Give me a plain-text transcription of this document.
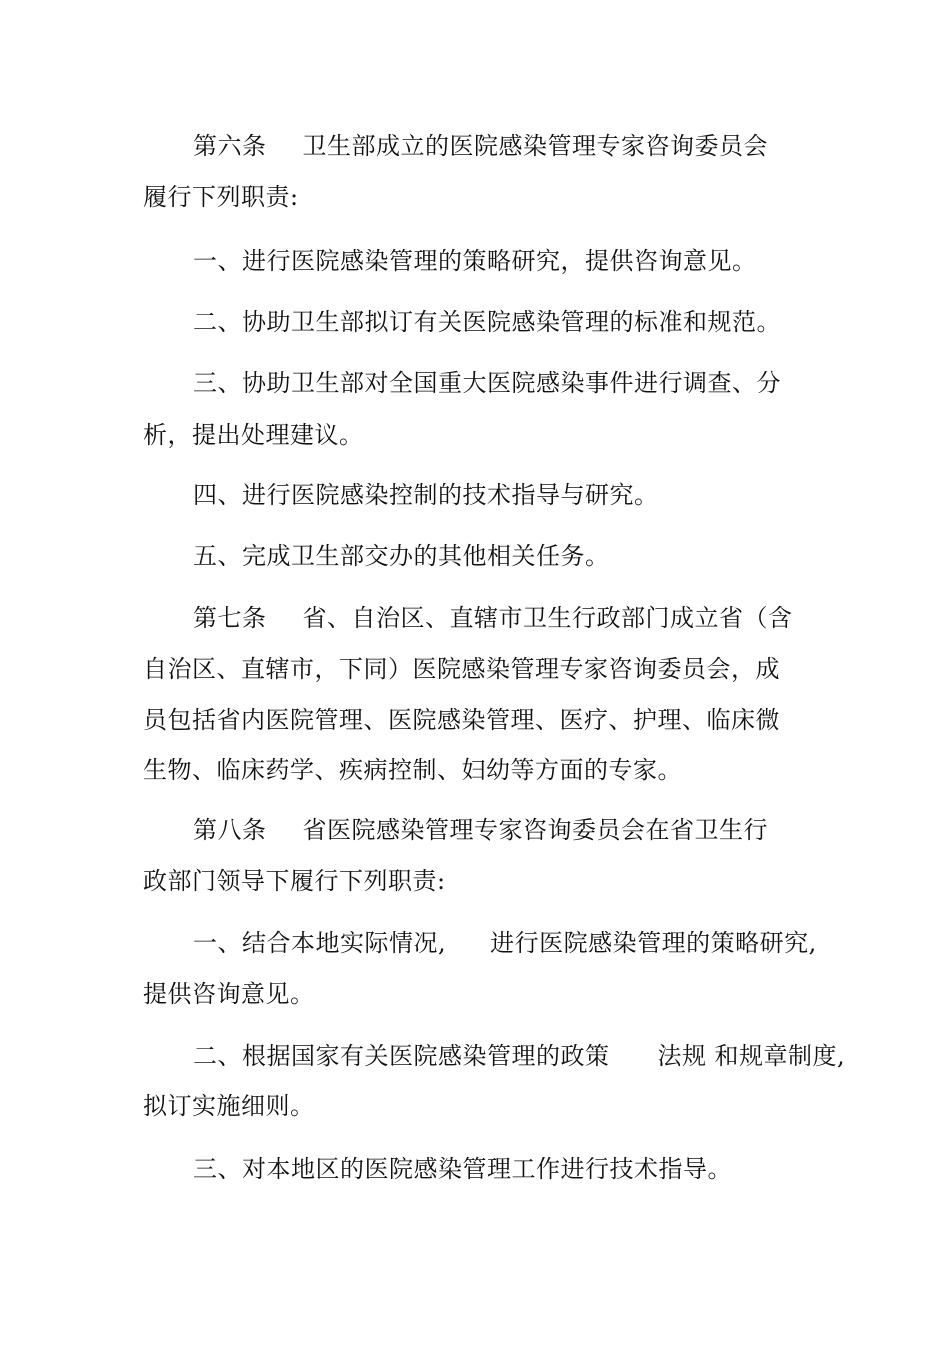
第六条 卫生部成立的医院感染管理专家咨询委员会
履行下列职责:
一、进行医院感染管理的策略研究，提供咨询意见。
二、协助卫生部拟订有关医院感染管理的标准和规范。
三、协助卫生部对全国重大医院感染事件进行调查、分
析，提出处理建议。
四、进行医院感染控制的技术指导与研究。
五、完成卫生部交办的其他相关任务。
第七条 省、自治区、直辖市卫生行政部门成立省（含
自治区、直辖市，下同）医院感染管理专家咨询委员会，成
员包括省内医院管理、医院感染管理、医疗、护理、临床微
生物、临床药学、疾病控制、妇幼等方面的专家。
第八条 省医院感染管理专家咨询委员会在省卫生行
政部门领导下履行下列职责:
一、结合本地实际情况, 进行医院感染管理的策略研究,
提供咨询意见。
二、根据国家有关医院感染管理的政策 法规 和规章制度,
拟订实施细则。
三、对本地区的医院感染管理工作进行技术指导。
